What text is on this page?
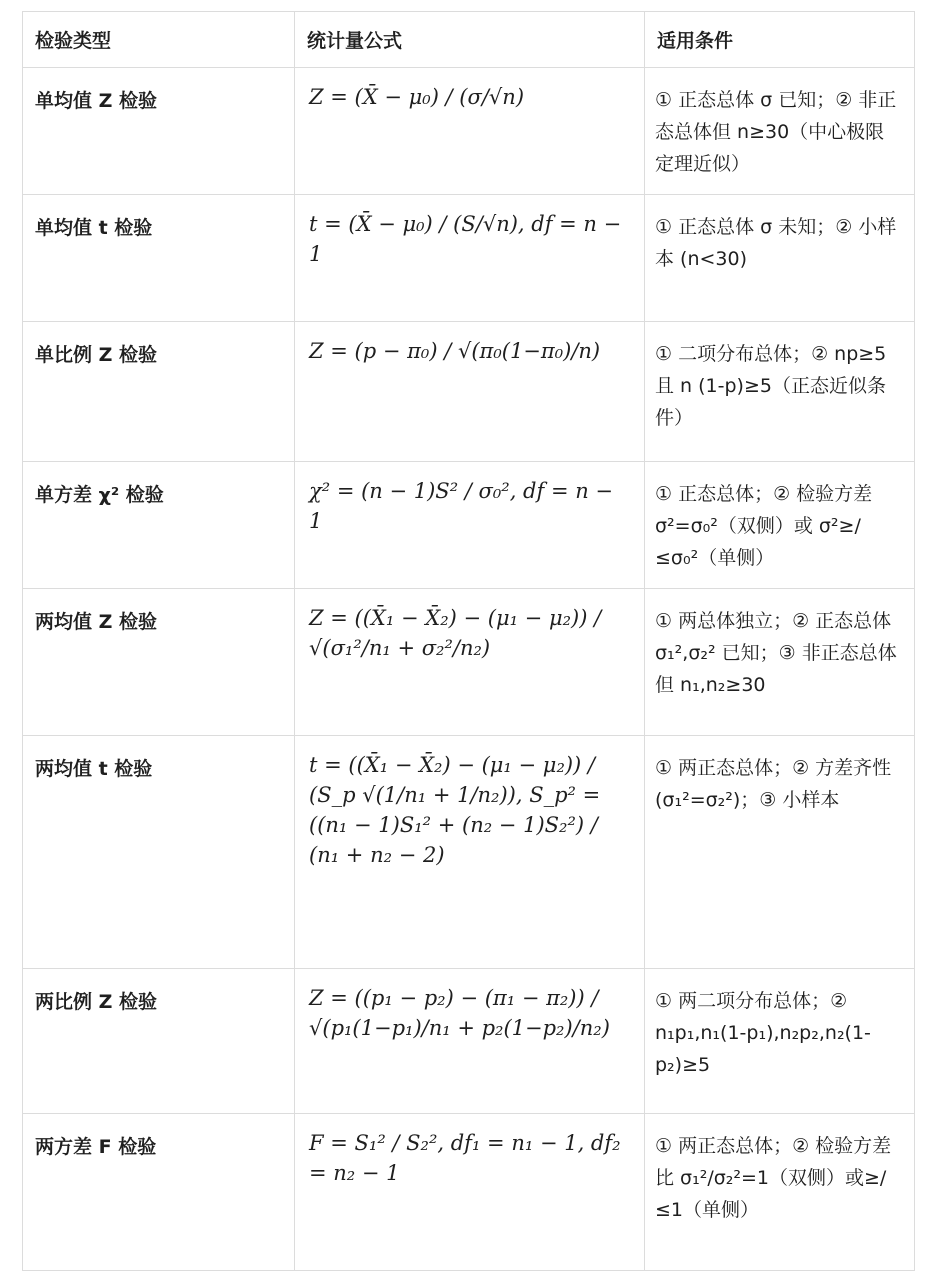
检验类型	统计量公式	适用条件
单均值 Z 检验	Z = (X̄ − μ₀) / (σ/√n)	① 正态总体 σ 已知；② 非正态总体但 n≥30（中心极限定理近似）
单均值 t 检验	t = (X̄ − μ₀) / (S/√n), df = n − 1	① 正态总体 σ 未知；② 小样本 (n<30)
单比例 Z 检验	Z = (p − π₀) / √(π₀(1−π₀)/n)	① 二项分布总体；② np≥5 且 n (1-p)≥5（正态近似条件）
单方差 χ² 检验	χ² = (n − 1)S² / σ₀², df = n − 1	① 正态总体；② 检验方差 σ²=σ₀²（双侧）或 σ²≥/≤σ₀²（单侧）
两均值 Z 检验	Z = ((X̄₁ − X̄₂) − (μ₁ − μ₂)) / √(σ₁²/n₁ + σ₂²/n₂)	① 两总体独立；② 正态总体 σ₁²,σ₂² 已知；③ 非正态总体但 n₁,n₂≥30
两均值 t 检验	t = ((X̄₁ − X̄₂) − (μ₁ − μ₂)) / (S_p √(1/n₁ + 1/n₂)), S_p² = ((n₁ − 1)S₁² + (n₂ − 1)S₂²) / (n₁ + n₂ − 2)	① 两正态总体；② 方差齐性 (σ₁²=σ₂²)；③ 小样本
两比例 Z 检验	Z = ((p₁ − p₂) − (π₁ − π₂)) / √(p₁(1−p₁)/n₁ + p₂(1−p₂)/n₂)	① 两二项分布总体；② n₁p₁,n₁(1-p₁),n₂p₂,n₂(1-p₂)≥5
两方差 F 检验	F = S₁² / S₂², df₁ = n₁ − 1, df₂ = n₂ − 1	① 两正态总体；② 检验方差比 σ₁²/σ₂²=1（双侧）或≥/≤1（单侧）
